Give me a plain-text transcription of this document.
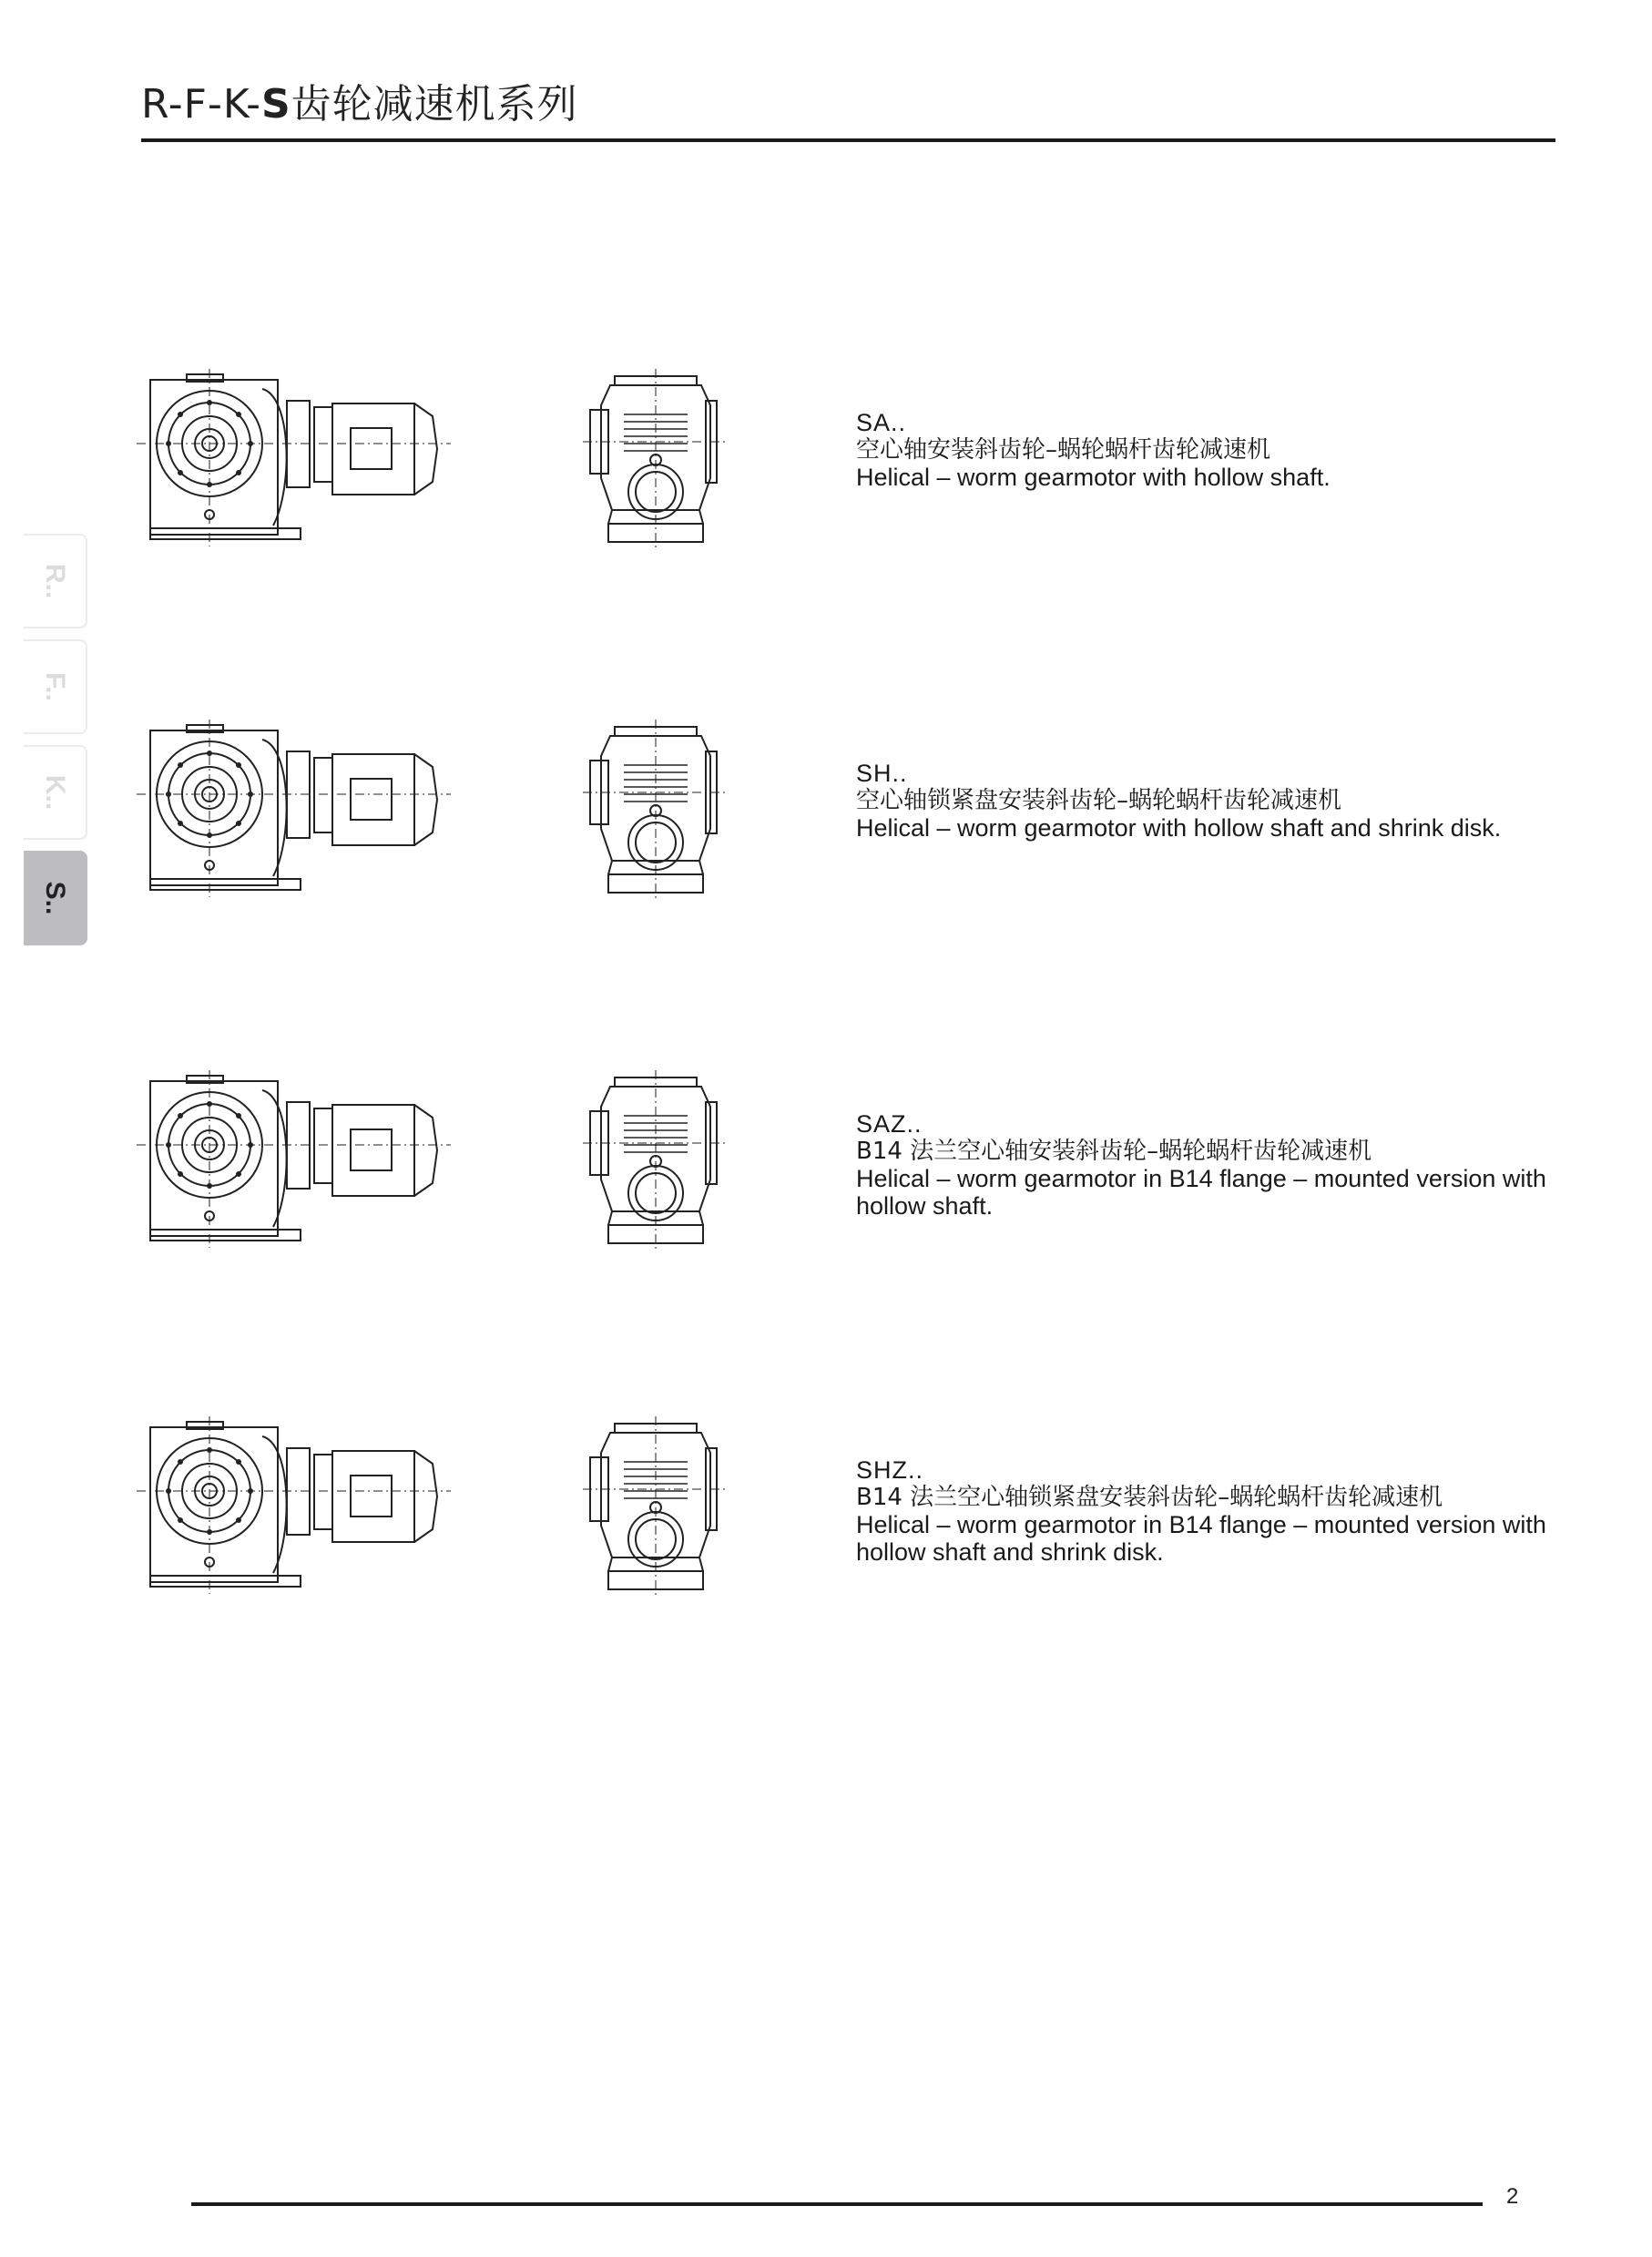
R-F-K-S齿轮减速机系列
R..
F..
K..
S..
SA..
空心轴安装斜齿轮–蜗轮蜗杆齿轮减速机
Helical – worm gearmotor with hollow shaft.
SH..
空心轴锁紧盘安装斜齿轮–蜗轮蜗杆齿轮减速机
Helical – worm gearmotor with hollow shaft and shrink disk.
SAZ..
B14 法兰空心轴安装斜齿轮–蜗轮蜗杆齿轮减速机
Helical – worm gearmotor in B14 flange – mounted version with hollow shaft.
SHZ..
B14 法兰空心轴锁紧盘安装斜齿轮–蜗轮蜗杆齿轮减速机
Helical – worm gearmotor in B14 flange – mounted version with hollow shaft and shrink disk.
2
